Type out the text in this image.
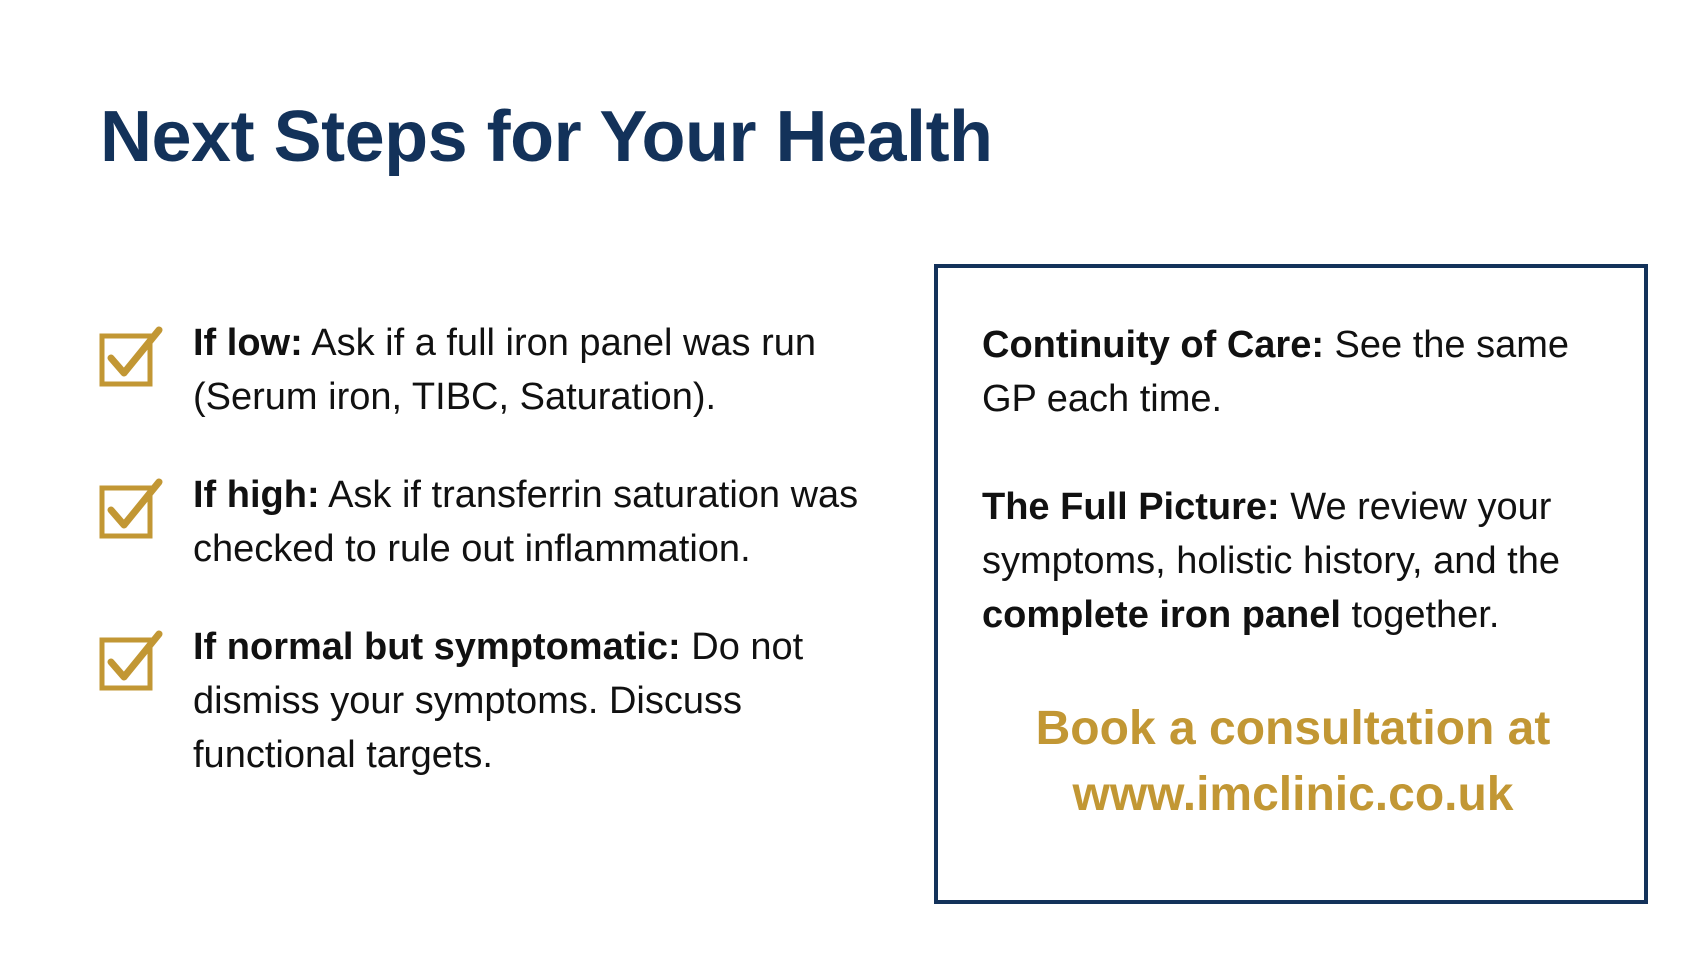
Next Steps for Your Health
If low: Ask if a full iron panel was run (Serum iron, TIBC, Saturation).
If high: Ask if transferrin saturation was checked to rule out inflammation.
If normal but symptomatic: Do not dismiss your symptoms. Discuss functional targets.

Continuity of Care: See the same GP each time.

The Full Picture: We review your symptoms, holistic history, and the complete iron panel together.

Book a consultation at
www.imclinic.co.uk
